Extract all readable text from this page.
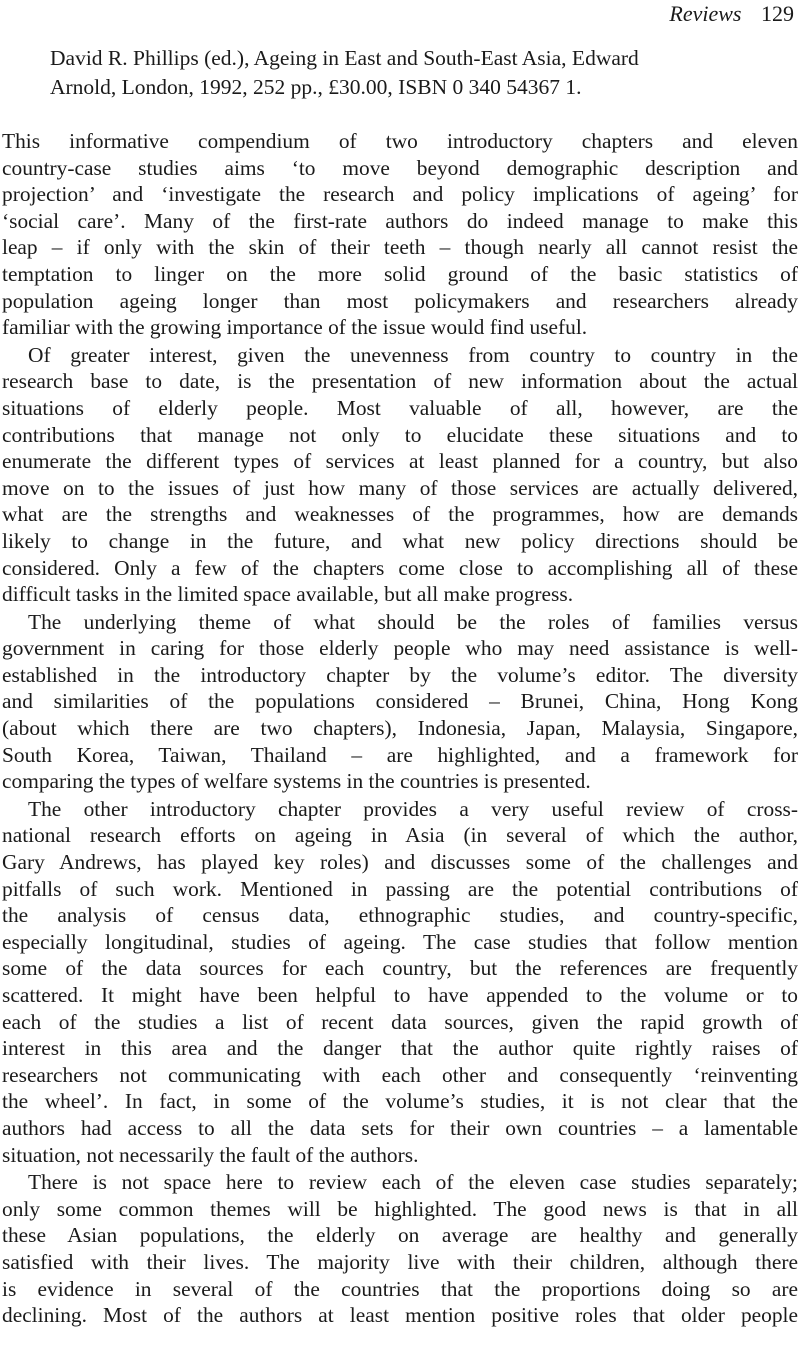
Reviews 129
David R. Phillips (ed.), Ageing in East and South-East Asia, Edward
Arnold, London, 1992, 252 pp., £30.00, ISBN 0 340 54367 1.
This informative compendium of two introductory chapters and eleven
country-case studies aims ‘to move beyond demographic description and
projection’ and ‘investigate the research and policy implications of ageing’ for
‘social care’. Many of the first-rate authors do indeed manage to make this
leap – if only with the skin of their teeth – though nearly all cannot resist the
temptation to linger on the more solid ground of the basic statistics of
population ageing longer than most policymakers and researchers already
familiar with the growing importance of the issue would find useful.
Of greater interest, given the unevenness from country to country in the
research base to date, is the presentation of new information about the actual
situations of elderly people. Most valuable of all, however, are the
contributions that manage not only to elucidate these situations and to
enumerate the different types of services at least planned for a country, but also
move on to the issues of just how many of those services are actually delivered,
what are the strengths and weaknesses of the programmes, how are demands
likely to change in the future, and what new policy directions should be
considered. Only a few of the chapters come close to accomplishing all of these
difficult tasks in the limited space available, but all make progress.
The underlying theme of what should be the roles of families versus
government in caring for those elderly people who may need assistance is well-
established in the introductory chapter by the volume’s editor. The diversity
and similarities of the populations considered – Brunei, China, Hong Kong
(about which there are two chapters), Indonesia, Japan, Malaysia, Singapore,
South Korea, Taiwan, Thailand – are highlighted, and a framework for
comparing the types of welfare systems in the countries is presented.
The other introductory chapter provides a very useful review of cross-
national research efforts on ageing in Asia (in several of which the author,
Gary Andrews, has played key roles) and discusses some of the challenges and
pitfalls of such work. Mentioned in passing are the potential contributions of
the analysis of census data, ethnographic studies, and country-specific,
especially longitudinal, studies of ageing. The case studies that follow mention
some of the data sources for each country, but the references are frequently
scattered. It might have been helpful to have appended to the volume or to
each of the studies a list of recent data sources, given the rapid growth of
interest in this area and the danger that the author quite rightly raises of
researchers not communicating with each other and consequently ‘reinventing
the wheel’. In fact, in some of the volume’s studies, it is not clear that the
authors had access to all the data sets for their own countries – a lamentable
situation, not necessarily the fault of the authors.
There is not space here to review each of the eleven case studies separately;
only some common themes will be highlighted. The good news is that in all
these Asian populations, the elderly on average are healthy and generally
satisfied with their lives. The majority live with their children, although there
is evidence in several of the countries that the proportions doing so are
declining. Most of the authors at least mention positive roles that older people
